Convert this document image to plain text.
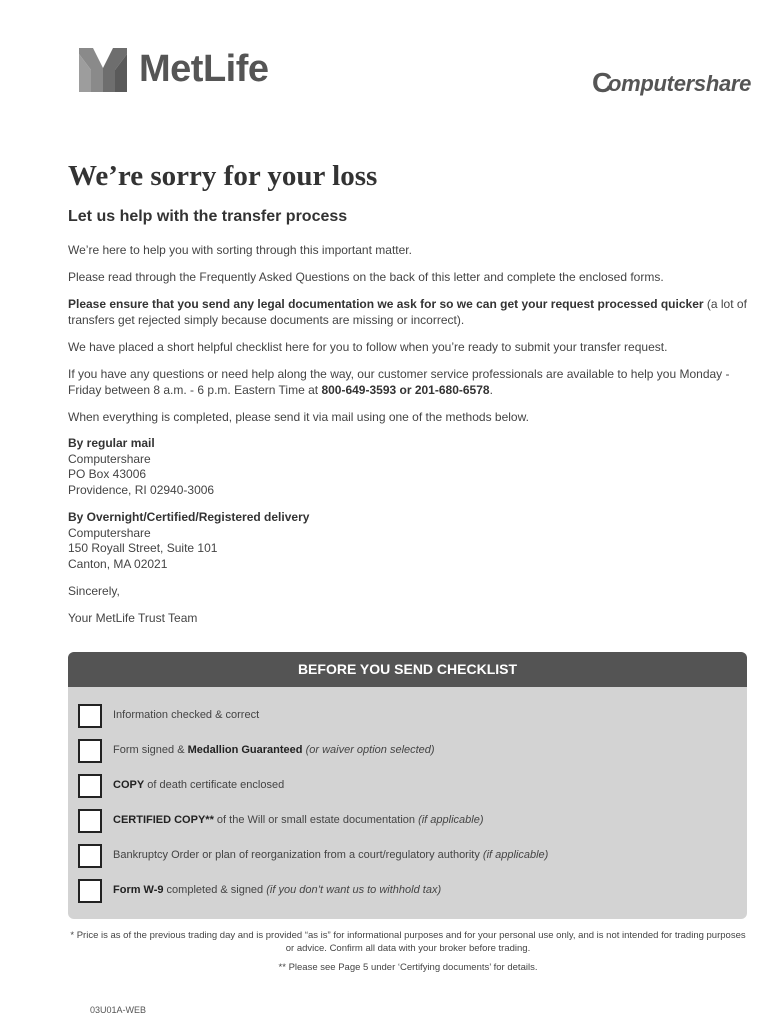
MetLife	C
omputershare
We’re sorry for your loss
Let us help with the transfer process
We’re here to help you with sorting through this important matter.
Please read through the Frequently Asked Questions on the back of this letter and complete the enclosed forms.
Please ensure that you send any legal documentation we ask for so we can get your request processed quicker (a lot of transfers get rejected simply because documents are missing or incorrect).
We have placed a short helpful checklist here for you to follow when you’re ready to submit your transfer request.
If you have any questions or need help along the way, our customer service professionals are available to help you Monday - Friday between 8 a.m. - 6 p.m. Eastern Time at 800-649-3593 or 201-680-6578.
When everything is completed, please send it via mail using one of the methods below.
By regular mail
Computershare
PO Box 43006
Providence, RI 02940-3006
By Overnight/Certified/Registered delivery
Computershare
150 Royall Street, Suite 101
Canton, MA 02021
Sincerely,
Your MetLife Trust Team
BEFORE YOU SEND CHECKLIST
Information checked & correct
Form signed & Medallion Guaranteed (or waiver option selected)
COPY of death certificate enclosed
CERTIFIED COPY** of the Will or small estate documentation (if applicable)
Bankruptcy Order or plan of reorganization from a court/regulatory authority (if applicable)
Form W-9 completed & signed (if you don’t want us to withhold tax)
* Price is as of the previous trading day and is provided “as is” for informational purposes and for your personal use only, and is not intended for trading purposes or advice. Confirm all data with your broker before trading.
** Please see Page 5 under ‘Certifying documents’ for details.
03U01A-WEB
